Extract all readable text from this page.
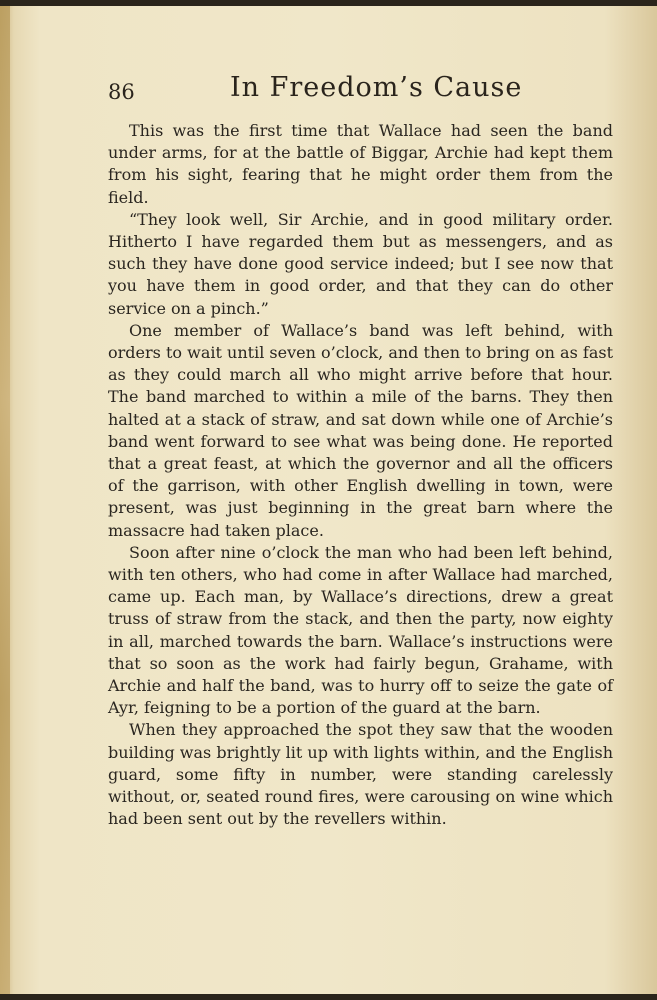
86	In Freedom’s Cause

This was the first time that Wallace had seen the band under arms, for at the battle of Biggar, Archie had kept them from his sight, fearing that he might order them from the field.

“They look well, Sir Archie, and in good military order. Hitherto I have regarded them but as messengers, and as such they have done good service indeed; but I see now that you have them in good order, and that they can do other service on a pinch.”

One member of Wallace’s band was left behind, with orders to wait until seven o’clock, and then to bring on as fast as they could march all who might arrive before that hour. The band marched to within a mile of the barns. They then halted at a stack of straw, and sat down while one of Archie’s band went forward to see what was being done. He reported that a great feast, at which the governor and all the officers of the garrison, with other English dwelling in town, were present, was just beginning in the great barn where the massacre had taken place.

Soon after nine o’clock the man who had been left behind, with ten others, who had come in after Wallace had marched, came up. Each man, by Wallace’s directions, drew a great truss of straw from the stack, and then the party, now eighty in all, marched towards the barn. Wallace’s instructions were that so soon as the work had fairly begun, Grahame, with Archie and half the band, was to hurry off to seize the gate of Ayr, feigning to be a portion of the guard at the barn.

When they approached the spot they saw that the wooden building was brightly lit up with lights within, and the English guard, some fifty in number, were standing carelessly without, or, seated round fires, were carousing on wine which had been sent out by the revellers within.
